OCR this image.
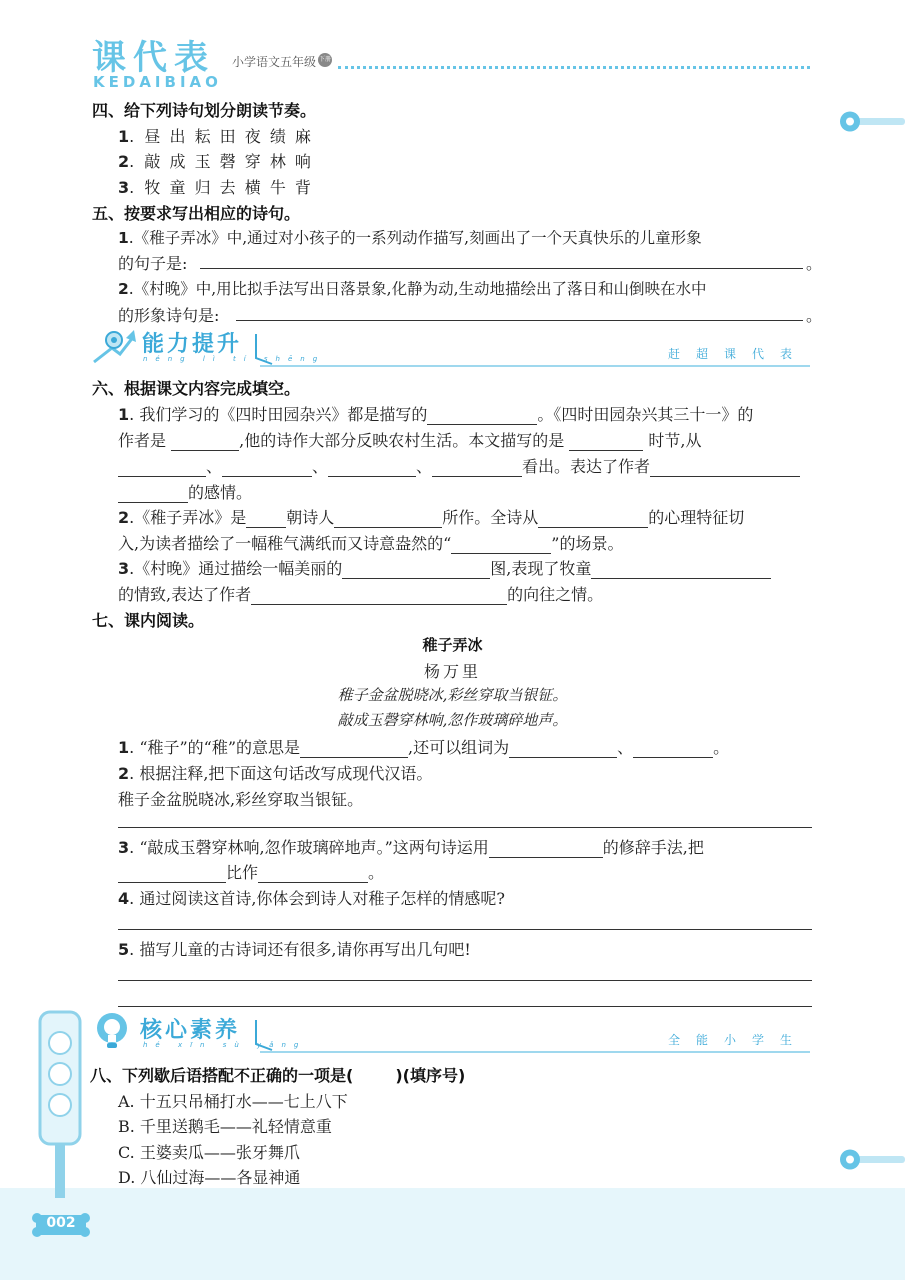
课代表
KEDAIBIAO
小学语文五年级 下册
四、给下列诗句划分朗读节奏。
1.  昼 出 耘 田 夜 绩 麻
2.  敲 成 玉 磬 穿 林 响
3.  牧 童 归 去 横 牛 背
五、按要求写出相应的诗句。
1.《稚子弄冰》中,通过对小孩子的一系列动作描写,刻画出了一个天真快乐的儿童形象
的句子是:	。
2.《村晚》中,用比拟手法写出日落景象,化静为动,生动地描绘出了落日和山倒映在水中
的形象诗句是:	。
能力提升
néng lì tí shēng	赶超课代表
六、根据课文内容完成填空。
1. 我们学习的《四时田园杂兴》都是描写的	。《四时田园杂兴其三十一》的
作者是	,他的诗作大部分反映农村生活。本文描写的是	时节,从
、	、	、	看出。表达了作者
的感情。
2.《稚子弄冰》是	朝诗人	所作。全诗从	的心理特征切
入,为读者描绘了一幅稚气满纸而又诗意盎然的“	”的场景。
3.《村晚》通过描绘一幅美丽的	图,表现了牧童
的情致,表达了作者	的向往之情。
七、课内阅读。
稚子弄冰
杨万里
稚子金盆脱晓冰,彩丝穿取当银钲。
敲成玉磬穿林响,忽作玻璃碎地声。
1. “稚子”的“稚”的意思是	,还可以组词为	、	。
2. 根据注释,把下面这句话改写成现代汉语。
稚子金盆脱晓冰,彩丝穿取当银钲。
3. “敲成玉磬穿林响,忽作玻璃碎地声。”这两句诗运用	的修辞手法,把
比作	。
4. 通过阅读这首诗,你体会到诗人对稚子怎样的情感呢?
5. 描写儿童的古诗词还有很多,请你再写出几句吧!
核心素养
hé xīn sù yǎng	全能小学生
八、下列歇后语搭配不正确的一项是(	)(填序号)
A. 十五只吊桶打水——七上八下
B. 千里送鹅毛——礼轻情意重
C. 王婆卖瓜——张牙舞爪
D. 八仙过海——各显神通
002
